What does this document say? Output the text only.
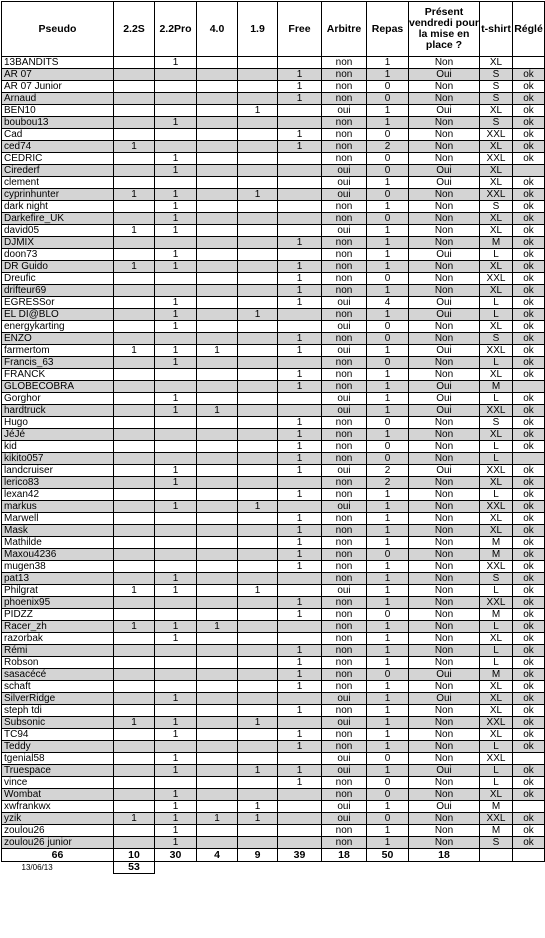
Pseudo	2.2S	2.2Pro	4.0	1.9	Free	Arbitre	Repas	Présent vendredi pour la mise en place ?	t-shirt	Réglé
13BANDITS		1				non	1	Non	XL	
AR 07					1	non	1	Oui	S	ok
AR 07 Junior					1	non	0	Non	S	ok
Arnaud					1	non	0	Non	S	ok
BEN10				1		oui	1	Oui	XL	ok
boubou13		1				non	1	Non	S	ok
Cad					1	non	0	Non	XXL	ok
ced74	1				1	non	2	Non	XL	ok
CEDRIC		1				non	0	Non	XXL	ok
Cirederf		1				oui	0	Oui	XL	
clement						oui	1	Oui	XL	ok
cyprinhunter	1	1		1		oui	0	Non	XXL	ok
dark night		1				non	1	Non	S	ok
Darkefire_UK		1				non	0	Non	XL	ok
david05	1	1				oui	1	Non	XL	ok
DJMIX					1	non	1	Non	M	ok
doon73		1				non	1	Oui	L	ok
DR Guido	1	1			1	non	1	Non	XL	ok
Dreufic					1	non	0	Non	XXL	ok
drifteur69					1	non	1	Non	XL	ok
EGRESSor		1			1	oui	4	Oui	L	ok
EL DI@BLO		1		1		non	1	Oui	L	ok
energykarting		1				oui	0	Non	XL	ok
ENZO					1	non	0	Non	S	ok
farmertom	1	1	1		1	oui	1	Oui	XXL	ok
Francis_63		1				non	0	Non	L	ok
FRANCK					1	non	1	Non	XL	ok
GLOBECOBRA					1	non	1	Oui	M	
Gorghor		1				oui	1	Oui	L	ok
hardtruck		1	1			oui	1	Oui	XXL	ok
Hugo					1	non	0	Non	S	ok
JéJé					1	non	1	Non	XL	ok
kid					1	non	0	Non	L	ok
kikito057					1	non	0	Non	L	
landcruiser		1			1	oui	2	Oui	XXL	ok
lerico83		1				non	2	Non	XL	ok
lexan42					1	non	1	Non	L	ok
markus		1		1		oui	1	Non	XXL	ok
Marwell					1	non	1	Non	XL	ok
Mask					1	non	1	Non	XL	ok
Mathilde					1	non	1	Non	M	ok
Maxou4236					1	non	0	Non	M	ok
mugen38					1	non	1	Non	XXL	ok
pat13		1				non	1	Non	S	ok
Philgrat	1	1		1		oui	1	Non	L	ok
phoenix95					1	non	1	Non	XXL	ok
PIDZZ					1	non	0	Non	M	ok
Racer_zh	1	1	1			non	1	Non	L	ok
razorbak		1				non	1	Non	XL	ok
Rémi					1	non	1	Non	L	ok
Robson					1	non	1	Non	L	ok
sasacécé					1	non	0	Oui	M	ok
schaft					1	non	1	Non	XL	ok
SilverRidge		1				oui	1	Oui	XL	ok
steph tdi					1	non	1	Non	XL	ok
Subsonic	1	1		1		oui	1	Non	XXL	ok
TC94		1			1	non	1	Non	XL	ok
Teddy					1	non	1	Non	L	ok
tgenial58		1				oui	0	Non	XXL	
Truespace		1		1	1	oui	1	Oui	L	ok
vince					1	non	0	Non	L	ok
Wombat		1				non	0	Non	XL	ok
xwfrankwx		1		1		oui	1	Oui	M	
yzik	1	1	1	1		oui	0	Non	XXL	ok
zoulou26		1				non	1	Non	M	ok
zoulou26 junior		1				non	1	Non	S	ok
66	10	30	4	9	39	18	50	18		
13/06/13	53									
